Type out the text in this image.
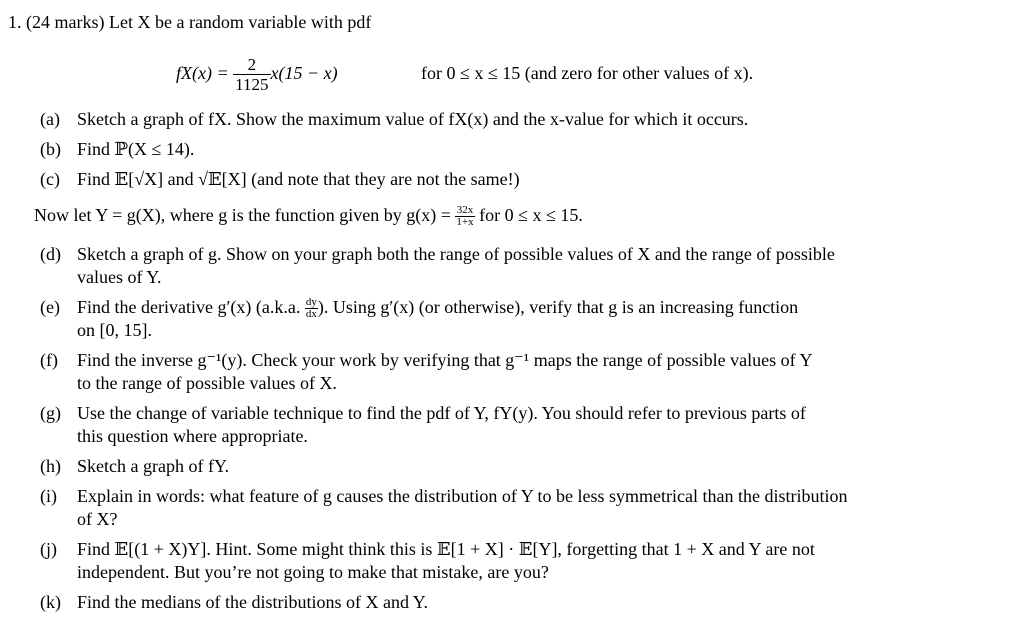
1. (24 marks) Let X be a random variable with pdf
$fX(x) = \frac{2}{1125} x(15 - x)$	for 0 ≤ x ≤ 15 (and zero for other values of x).
(a) Sketch a graph of fX. Show the maximum value of fX(x) and the x-value for which it occurs.
(b) Find ℙ(X ≤ 14).
(c) Find 𝔼[√X] and √𝔼[X] (and note that they are not the same!)
Now let Y = g(X), where g is the function given by $g(x) = \frac{32x}{1+x}$ for 0 ≤ x ≤ 15.
(d) Sketch a graph of g. Show on your graph both the range of possible values of X and the range of possible
values of Y.
(e) Find the derivative g′(x) (a.k.a. $\frac{dy}{dx}$ ). Using g′(x) (or otherwise), verify that g is an increasing function
on [0, 15].
(f) Find the inverse g⁻¹(y). Check your work by verifying that g⁻¹ maps the range of possible values of Y
to the range of possible values of X.
(g) Use the change of variable technique to find the pdf of Y, fY(y). You should refer to previous parts of
this question where appropriate.
(h) Sketch a graph of fY.
(i) Explain in words: what feature of g causes the distribution of Y to be less symmetrical than the distribution
of X?
(j) Find 𝔼[(1 + X)Y]. Hint. Some might think this is 𝔼[1 + X] · 𝔼[Y], forgetting that 1 + X and Y are not
independent. But you’re not going to make that mistake, are you?
(k) Find the medians of the distributions of X and Y.
